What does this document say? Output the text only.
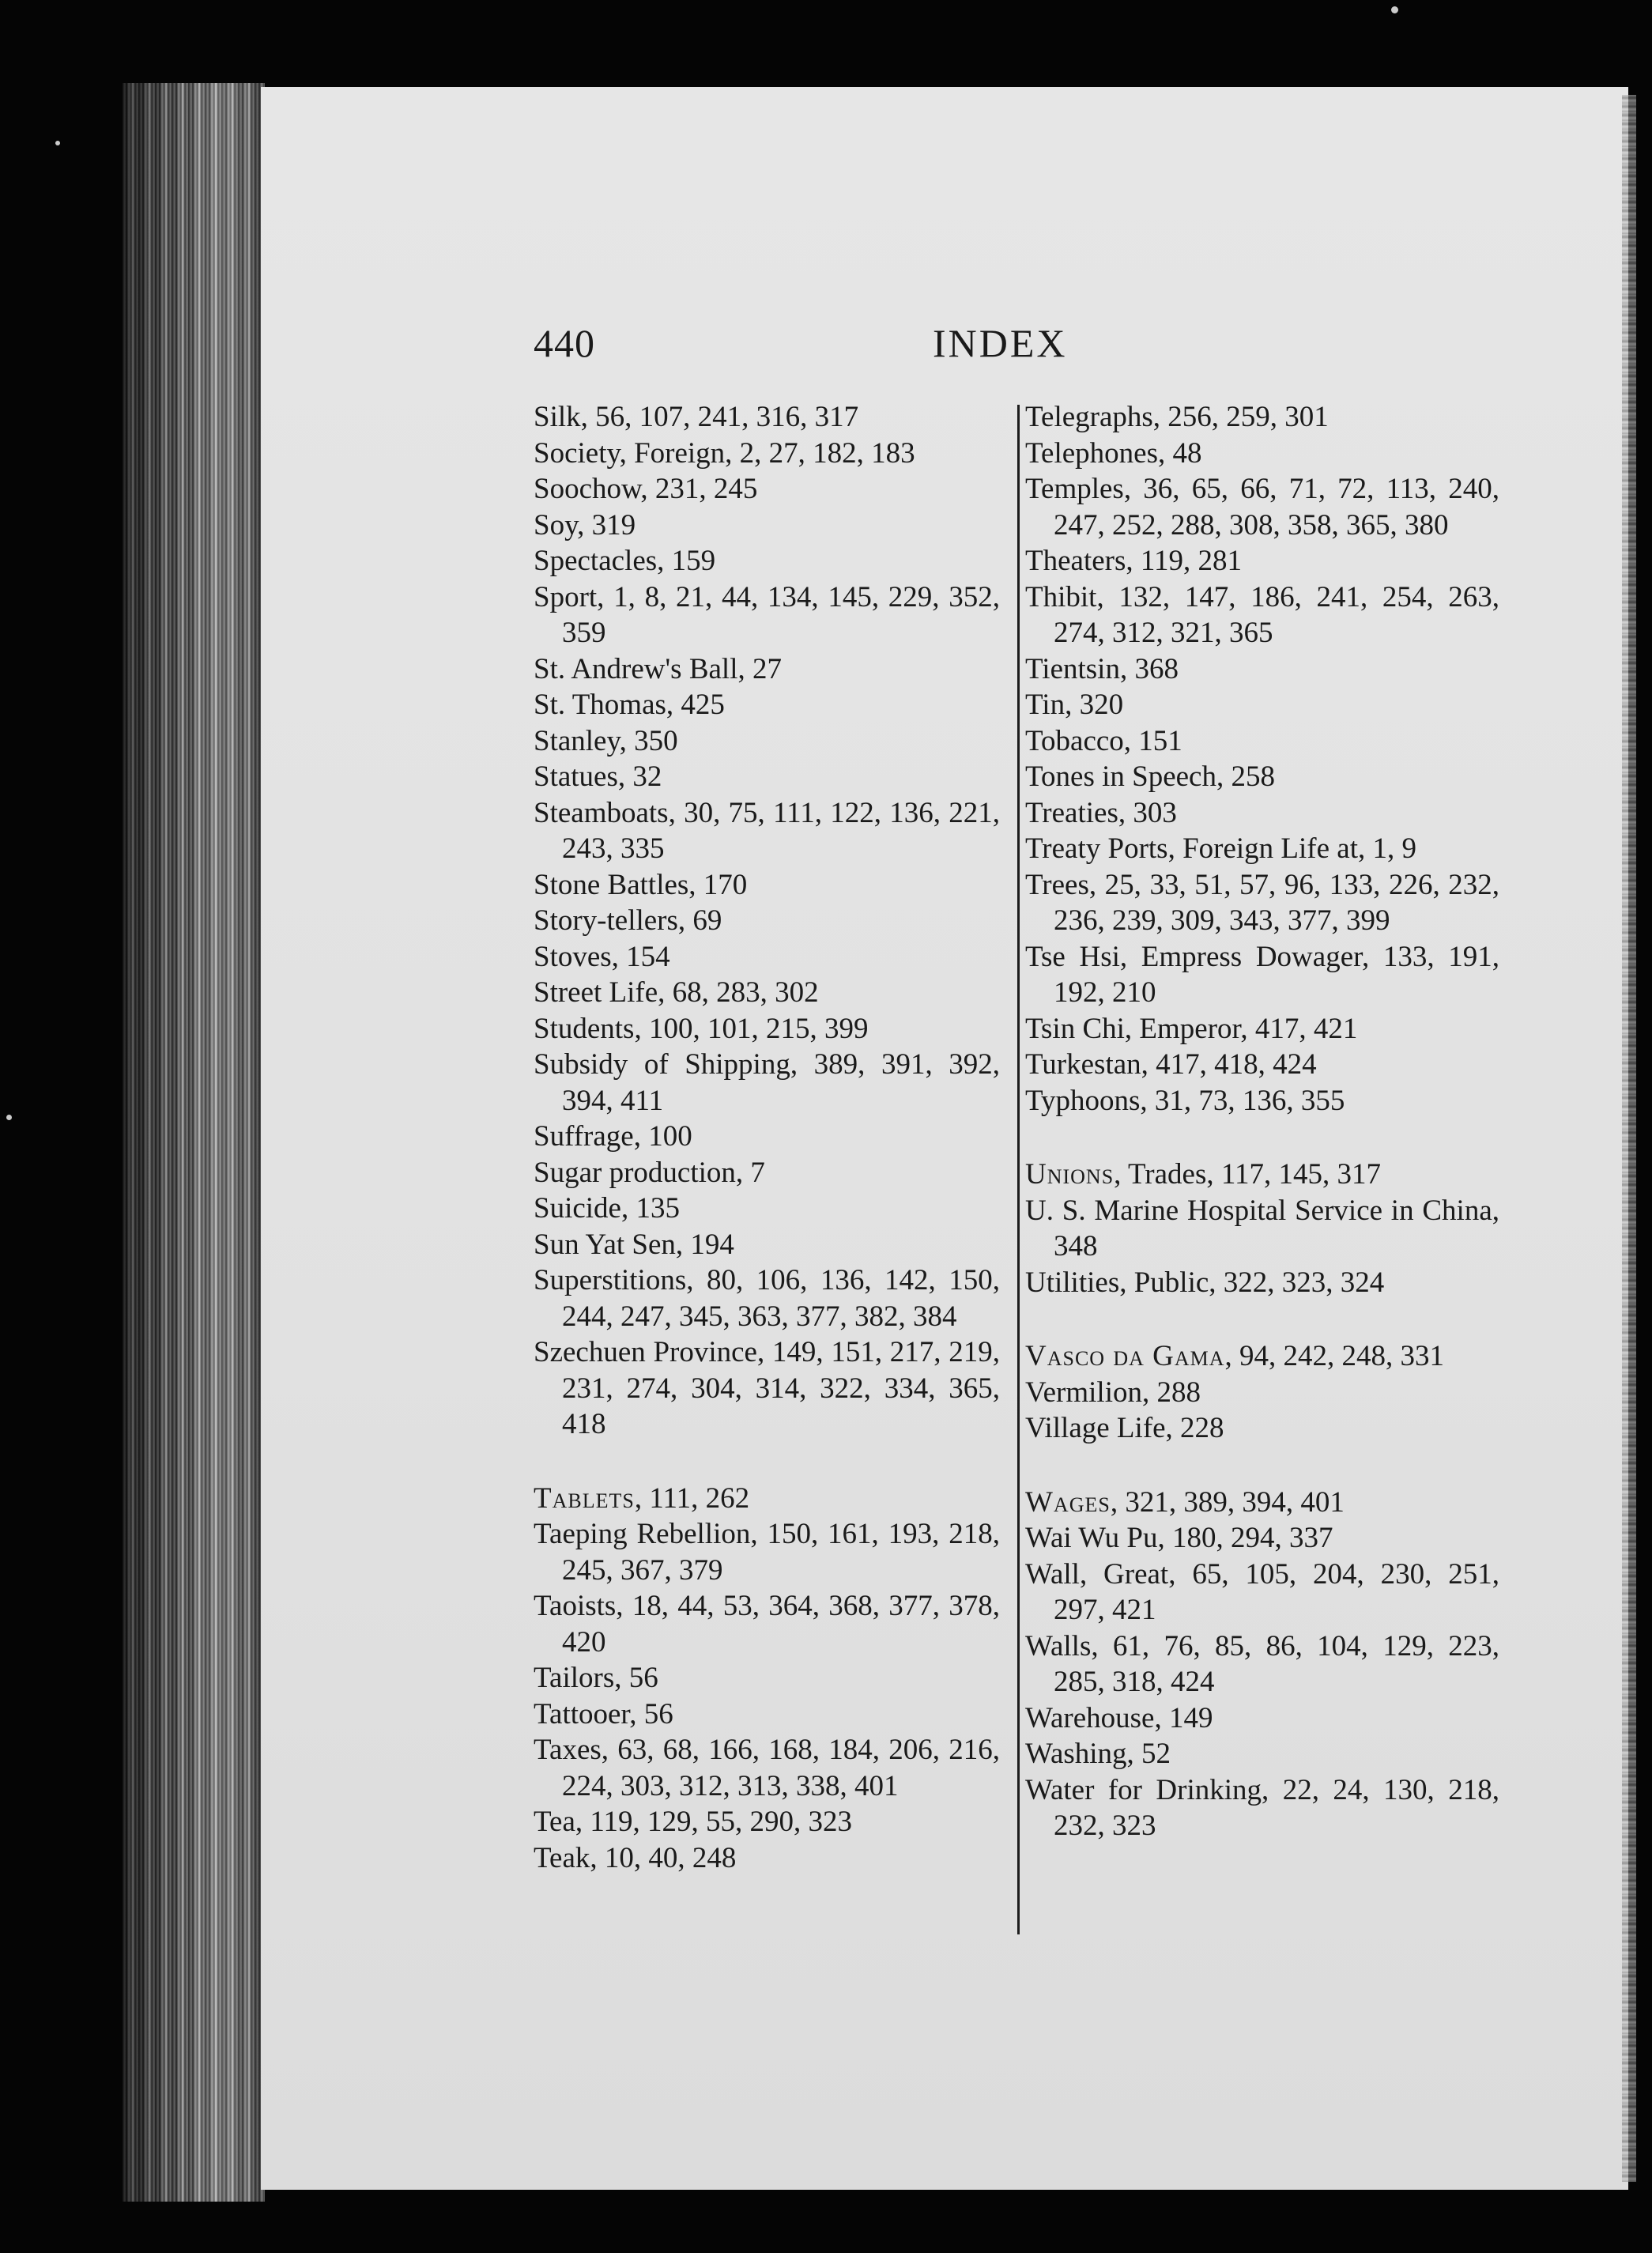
440	INDEX

Silk, 56, 107, 241, 316, 317

Society, Foreign, 2, 27, 182, 183

Soochow, 231, 245

Soy, 319

Spectacles, 159

Sport, 1, 8, 21, 44, 134, 145, 229, 352, 359

St. Andrew's Ball, 27

St. Thomas, 425

Stanley, 350

Statues, 32

Steamboats, 30, 75, 111, 122, 136, 221, 243, 335

Stone Battles, 170

Story-tellers, 69

Stoves, 154

Street Life, 68, 283, 302

Students, 100, 101, 215, 399

Subsidy of Shipping, 389, 391, 392, 394, 411

Suffrage, 100

Sugar production, 7

Suicide, 135

Sun Yat Sen, 194

Superstitions, 80, 106, 136, 142, 150, 244, 247, 345, 363, 377, 382, 384

Szechuen Province, 149, 151, 217, 219, 231, 274, 304, 314, 322, 334, 365, 418

Tablets, 111, 262

Taeping Rebellion, 150, 161, 193, 218, 245, 367, 379

Taoists, 18, 44, 53, 364, 368, 377, 378, 420

Tailors, 56

Tattooer, 56

Taxes, 63, 68, 166, 168, 184, 206, 216, 224, 303, 312, 313, 338, 401

Tea, 119, 129, 55, 290, 323

Teak, 10, 40, 248

Telegraphs, 256, 259, 301

Telephones, 48

Temples, 36, 65, 66, 71, 72, 113, 240, 247, 252, 288, 308, 358, 365, 380

Theaters, 119, 281

Thibit, 132, 147, 186, 241, 254, 263, 274, 312, 321, 365

Tientsin, 368

Tin, 320

Tobacco, 151

Tones in Speech, 258

Treaties, 303

Treaty Ports, Foreign Life at, 1, 9

Trees, 25, 33, 51, 57, 96, 133, 226, 232, 236, 239, 309, 343, 377, 399

Tse Hsi, Empress Dowager, 133, 191, 192, 210

Tsin Chi, Emperor, 417, 421

Turkestan, 417, 418, 424

Typhoons, 31, 73, 136, 355

Unions, Trades, 117, 145, 317

U. S. Marine Hospital Service in China, 348

Utilities, Public, 322, 323, 324

Vasco da Gama, 94, 242, 248, 331

Vermilion, 288

Village Life, 228

Wages, 321, 389, 394, 401

Wai Wu Pu, 180, 294, 337

Wall, Great, 65, 105, 204, 230, 251, 297, 421

Walls, 61, 76, 85, 86, 104, 129, 223, 285, 318, 424

Warehouse, 149

Washing, 52

Water for Drinking, 22, 24, 130, 218, 232, 323
